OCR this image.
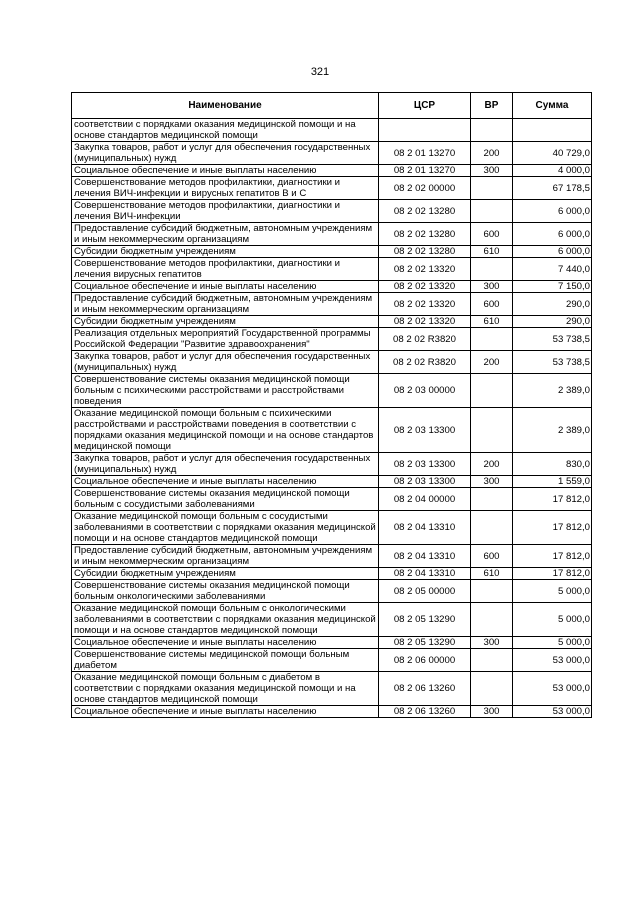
321
Наименование	ЦСР	ВР	Сумма
соответствии с порядками оказания медицинской помощи и на основе стандартов медицинской помощи			
Закупка товаров, работ и услуг для обеспечения государственных (муниципальных) нужд	08 2 01 13270	200	40 729,0
Социальное обеспечение и иные выплаты населению	08 2 01 13270	300	4 000,0
Совершенствование методов профилактики, диагностики и лечения ВИЧ-инфекции и вирусных гепатитов В и С	08 2 02 00000		67 178,5
Совершенствование методов профилактики, диагностики и лечения ВИЧ-инфекции	08 2 02 13280		6 000,0
Предоставление субсидий бюджетным, автономным учреждениям и иным некоммерческим организациям	08 2 02 13280	600	6 000,0
Субсидии бюджетным учреждениям	08 2 02 13280	610	6 000,0
Совершенствование методов профилактики, диагностики и лечения вирусных гепатитов	08 2 02 13320		7 440,0
Социальное обеспечение и иные выплаты населению	08 2 02 13320	300	7 150,0
Предоставление субсидий бюджетным, автономным учреждениям и иным некоммерческим организациям	08 2 02 13320	600	290,0
Субсидии бюджетным учреждениям	08 2 02 13320	610	290,0
Реализация отдельных мероприятий Государственной программы Российской Федерации "Развитие здравоохранения"	08 2 02 R3820		53 738,5
Закупка товаров, работ и услуг для обеспечения государственных (муниципальных) нужд	08 2 02 R3820	200	53 738,5
Совершенствование системы оказания медицинской помощи больным с психическими расстройствами и расстройствами поведения	08 2 03 00000		2 389,0
Оказание медицинской помощи больным с психическими расстройствами и расстройствами поведения в соответствии с порядками оказания медицинской помощи и на основе стандартов медицинской помощи	08 2 03 13300		2 389,0
Закупка товаров, работ и услуг для обеспечения государственных (муниципальных) нужд	08 2 03 13300	200	830,0
Социальное обеспечение и иные выплаты населению	08 2 03 13300	300	1 559,0
Совершенствование системы оказания медицинской помощи больным с сосудистыми заболеваниями	08 2 04 00000		17 812,0
Оказание медицинской помощи больным с сосудистыми заболеваниями в соответствии с порядками оказания медицинской помощи и на основе стандартов медицинской помощи	08 2 04 13310		17 812,0
Предоставление субсидий бюджетным, автономным учреждениям и иным некоммерческим организациям	08 2 04 13310	600	17 812,0
Субсидии бюджетным учреждениям	08 2 04 13310	610	17 812,0
Совершенствование системы оказания медицинской помощи больным онкологическими заболеваниями	08 2 05 00000		5 000,0
Оказание медицинской помощи больным с онкологическими заболеваниями в соответствии с порядками оказания медицинской помощи и на основе стандартов медицинской помощи	08 2 05 13290		5 000,0
Социальное обеспечение и иные выплаты населению	08 2 05 13290	300	5 000,0
Совершенствование системы медицинской помощи больным диабетом	08 2 06 00000		53 000,0
Оказание медицинской помощи больным с диабетом в соответствии с порядками оказания медицинской помощи и на основе стандартов медицинской помощи	08 2 06 13260		53 000,0
Социальное обеспечение и иные выплаты населению	08 2 06 13260	300	53 000,0
